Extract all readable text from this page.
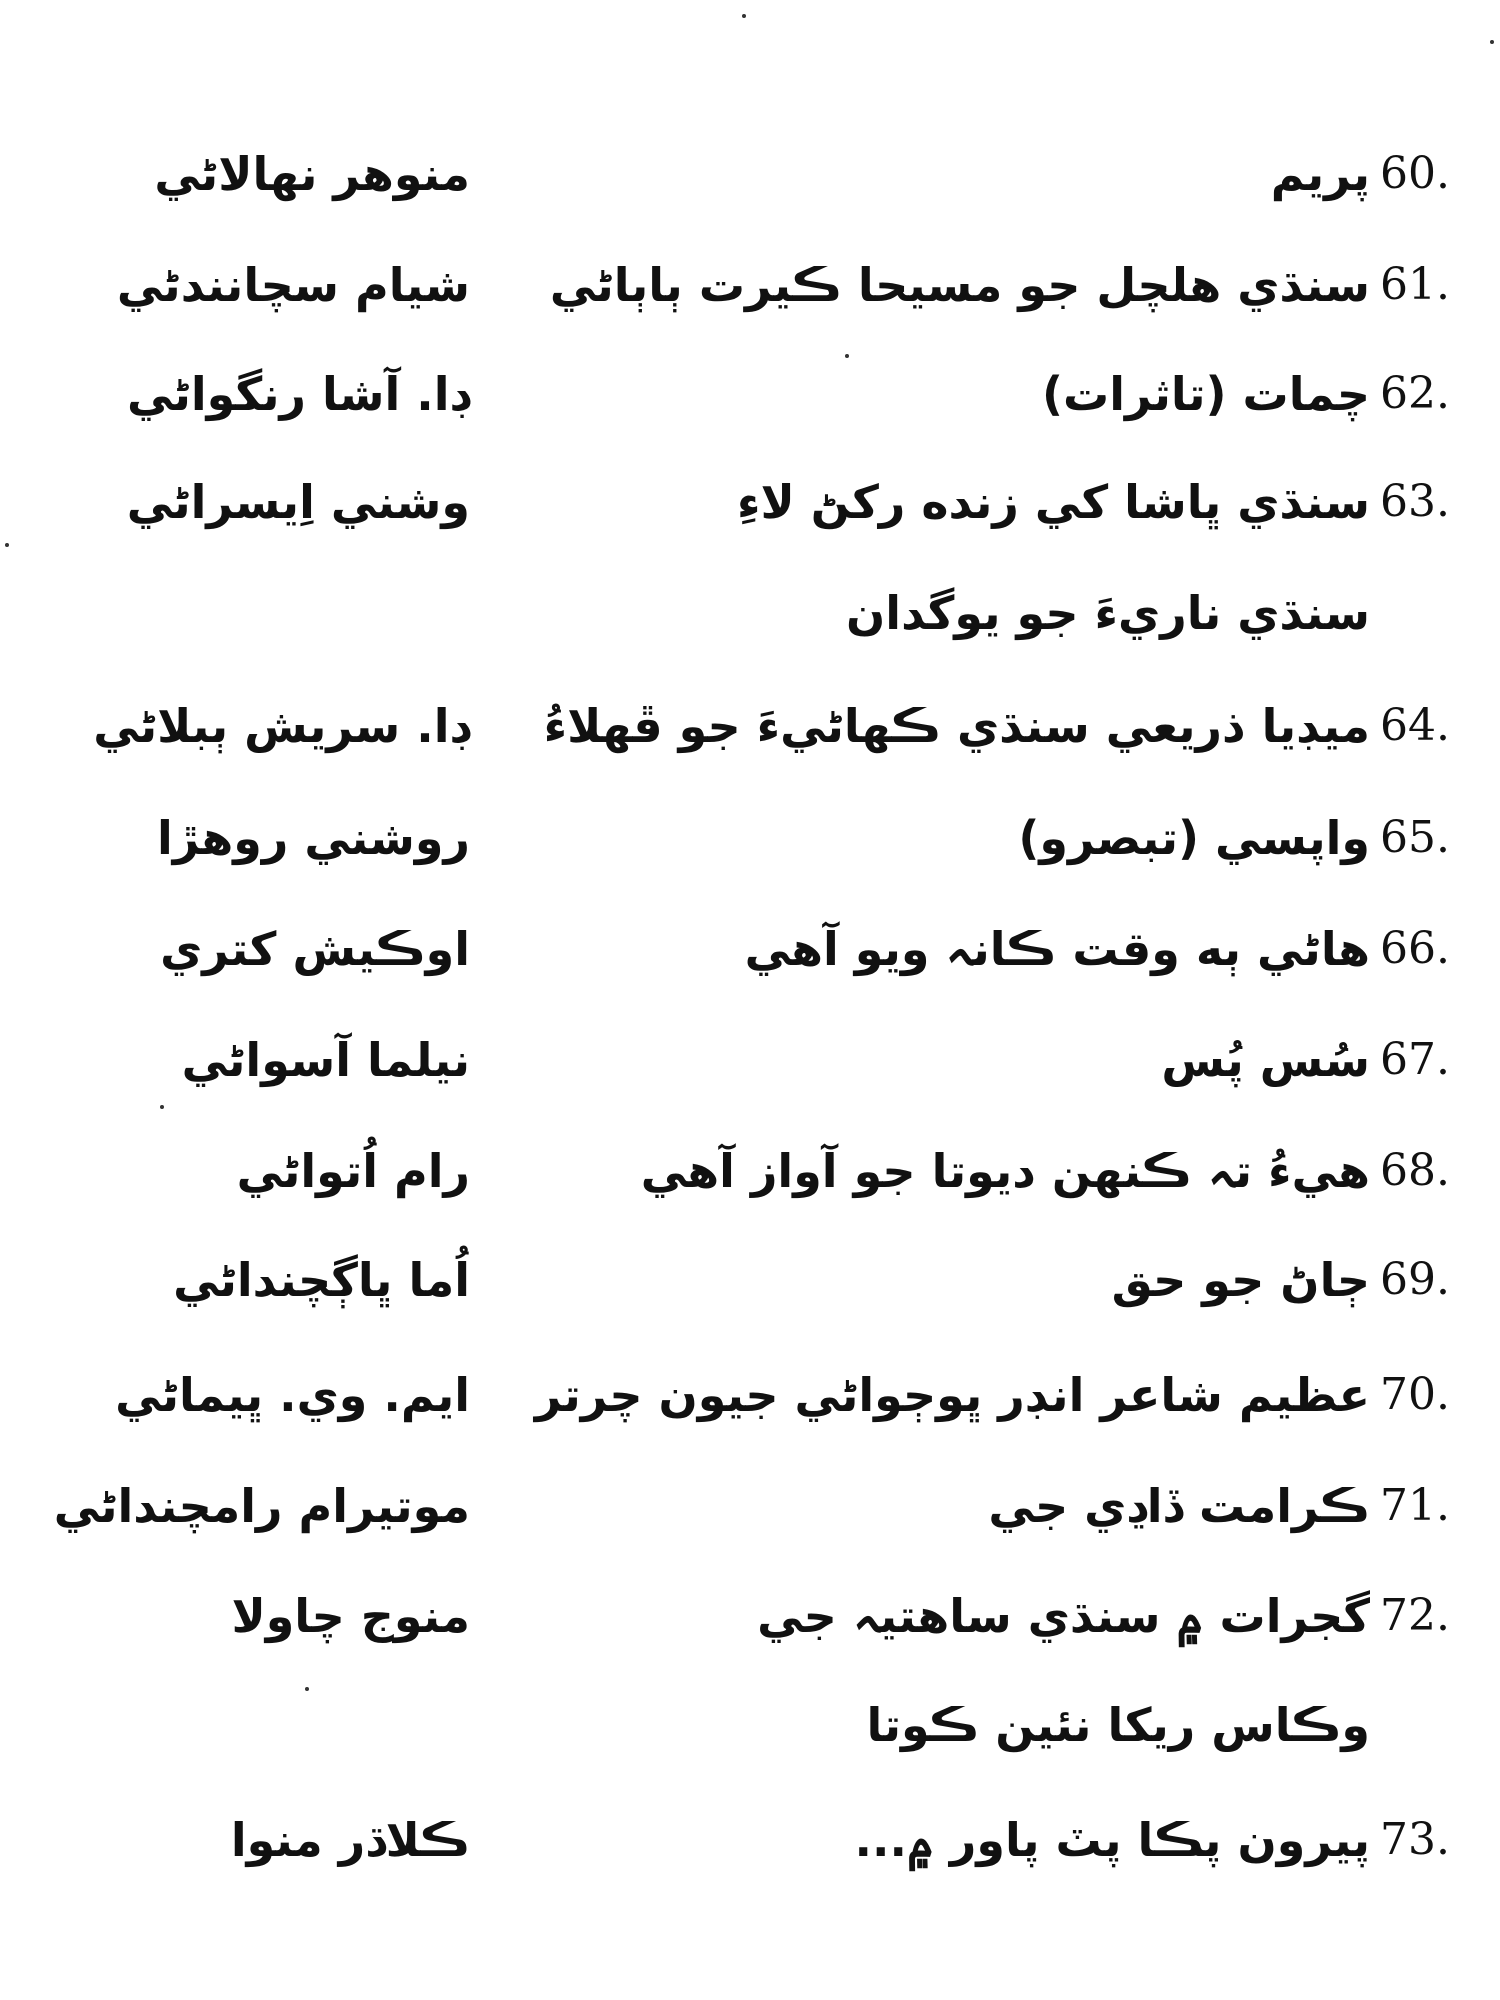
60.
پريم
منوهر نهالاڻي
61.
سنڌي هلچل جو مسيحا ڪيرت ٻاٻاڻي
شيام سچانندڻي
62.
چمات (تاثرات)
ڊا. آشا رنگواڻي
63.
سنڌي ڀاشا کي زنده رکڻ لاءِ
وشني اِيسراڻي
سنڌي ناريءَ جو يوگدان
64.
ميڊيا ذريعي سنڌي ڪهاڻيءَ جو ڦهلاءُ
ڊا. سريش ٻبلاڻي
65.
واپسي (تبصرو)
روشني روهڙا
66.
هاڻي ٻه وقت ڪانہ ويو آهي
اوڪيش کتري
67.
سُس پُس
نيلما آسواڻي
68.
هيءُ تہ ڪنهن ديوتا جو آواز آهي
رام اُتواڻي
69.
ڄاڻ جو حق
اُما ڀاڳچنداڻي
70.
عظيم شاعر انڊر ڀوڄواڻي جيون چرتر
ايم. وي. ڀيماڻي
71.
ڪرامت ڏاڍي جي
موتيرام رامچنداڻي
72.
گجرات ۾ سنڌي ساهتيہ جي
منوج چاولا
وڪاس ريکا نئين ڪوتا
73.
پيرون پڪا پٽ پاور ۾...
ڪلاڌر منوا
